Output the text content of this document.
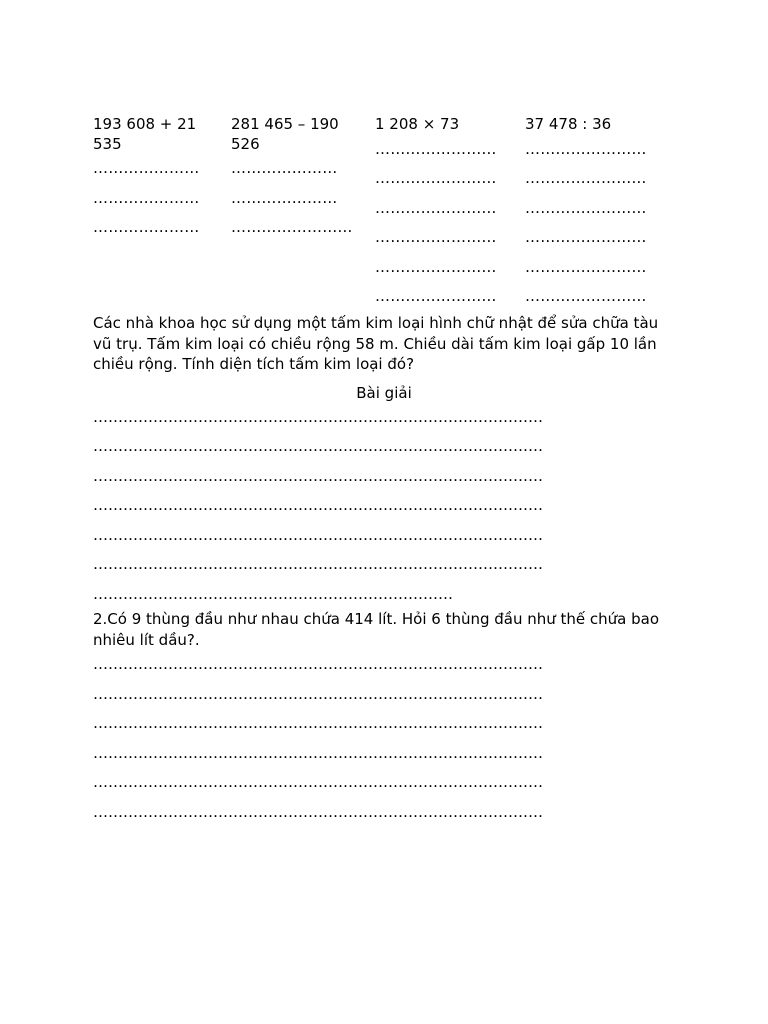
193 608 + 21
535
…………………
…………………
…………………
281 465 – 190
526
…………………
…………………
……………………
1 208 × 73
……………………
……………………
……………………
……………………
……………………
……………………
37 478 : 36
……………………
……………………
……………………
……………………
……………………
……………………
Các nhà khoa học sử dụng một tấm kim loại hình chữ nhật để sửa chữa tàu vũ trụ. Tấm kim loại có chiều rộng 58 m. Chiều dài tấm kim loại gấp 10 lần chiều rộng. Tính diện tích tấm kim loại đó?
Bài giải
………………………………………………………………………………
………………………………………………………………………………
………………………………………………………………………………
………………………………………………………………………………
………………………………………………………………………………
………………………………………………………………………………
………………………………………………………………
2.Có 9 thùng đầu như nhau chứa 414 lít. Hỏi 6 thùng đầu như thế chứa bao nhiêu lít dầu?.
………………………………………………………………………………
………………………………………………………………………………
………………………………………………………………………………
………………………………………………………………………………
………………………………………………………………………………
………………………………………………………………………………
